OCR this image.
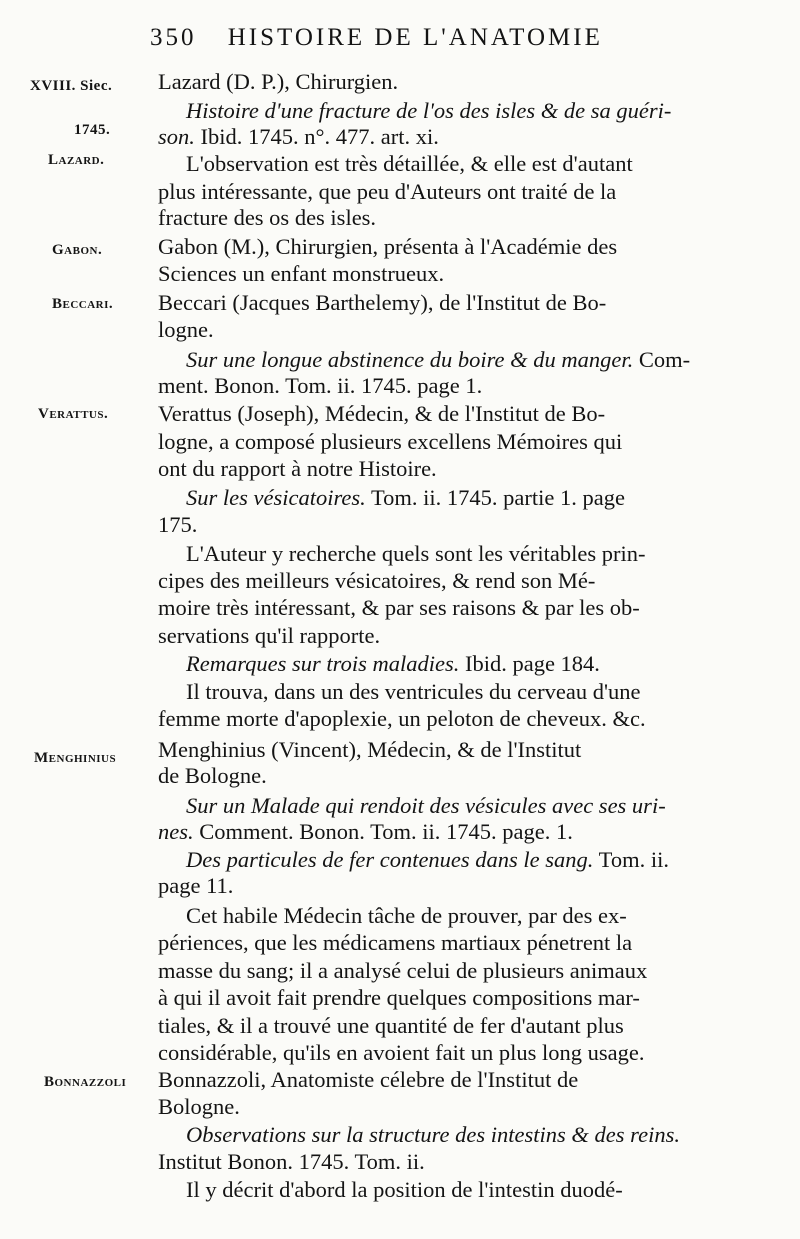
350 HISTOIRE DE L'ANATOMIE
XVIII. Siec.
1745.
Lazard.
Gabon.
Beccari.
Verattus.
Menghinius
Bonnazzoli
Lazard (D. P.), Chirurgien.
Histoire d'une fracture de l'os des isles & de sa guéri-
son. Ibid. 1745. n°. 477. art. xi.
L'observation est très détaillée, & elle est d'autant
plus intéressante, que peu d'Auteurs ont traité de la
fracture des os des isles.
Gabon (M.), Chirurgien, présenta à l'Académie des
Sciences un enfant monstrueux.
Beccari (Jacques Barthelemy), de l'Institut de Bo-
logne.
Sur une longue abstinence du boire & du manger. Com-
ment. Bonon. Tom. ii. 1745. page 1.
Verattus (Joseph), Médecin, & de l'Institut de Bo-
logne, a composé plusieurs excellens Mémoires qui
ont du rapport à notre Histoire.
Sur les vésicatoires. Tom. ii. 1745. partie 1. page
175.
L'Auteur y recherche quels sont les véritables prin-
cipes des meilleurs vésicatoires, & rend son Mé-
moire très intéressant, & par ses raisons & par les ob-
servations qu'il rapporte.
Remarques sur trois maladies. Ibid. page 184.
Il trouva, dans un des ventricules du cerveau d'une
femme morte d'apoplexie, un peloton de cheveux. &c.
Menghinius (Vincent), Médecin, & de l'Institut
de Bologne.
Sur un Malade qui rendoit des vésicules avec ses uri-
nes. Comment. Bonon. Tom. ii. 1745. page. 1.
Des particules de fer contenues dans le sang. Tom. ii.
page 11.
Cet habile Médecin tâche de prouver, par des ex-
périences, que les médicamens martiaux pénetrent la
masse du sang; il a analysé celui de plusieurs animaux
à qui il avoit fait prendre quelques compositions mar-
tiales, & il a trouvé une quantité de fer d'autant plus
considérable, qu'ils en avoient fait un plus long usage.
Bonnazzoli, Anatomiste célebre de l'Institut de
Bologne.
Observations sur la structure des intestins & des reins.
Institut Bonon. 1745. Tom. ii.
Il y décrit d'abord la position de l'intestin duodé-
